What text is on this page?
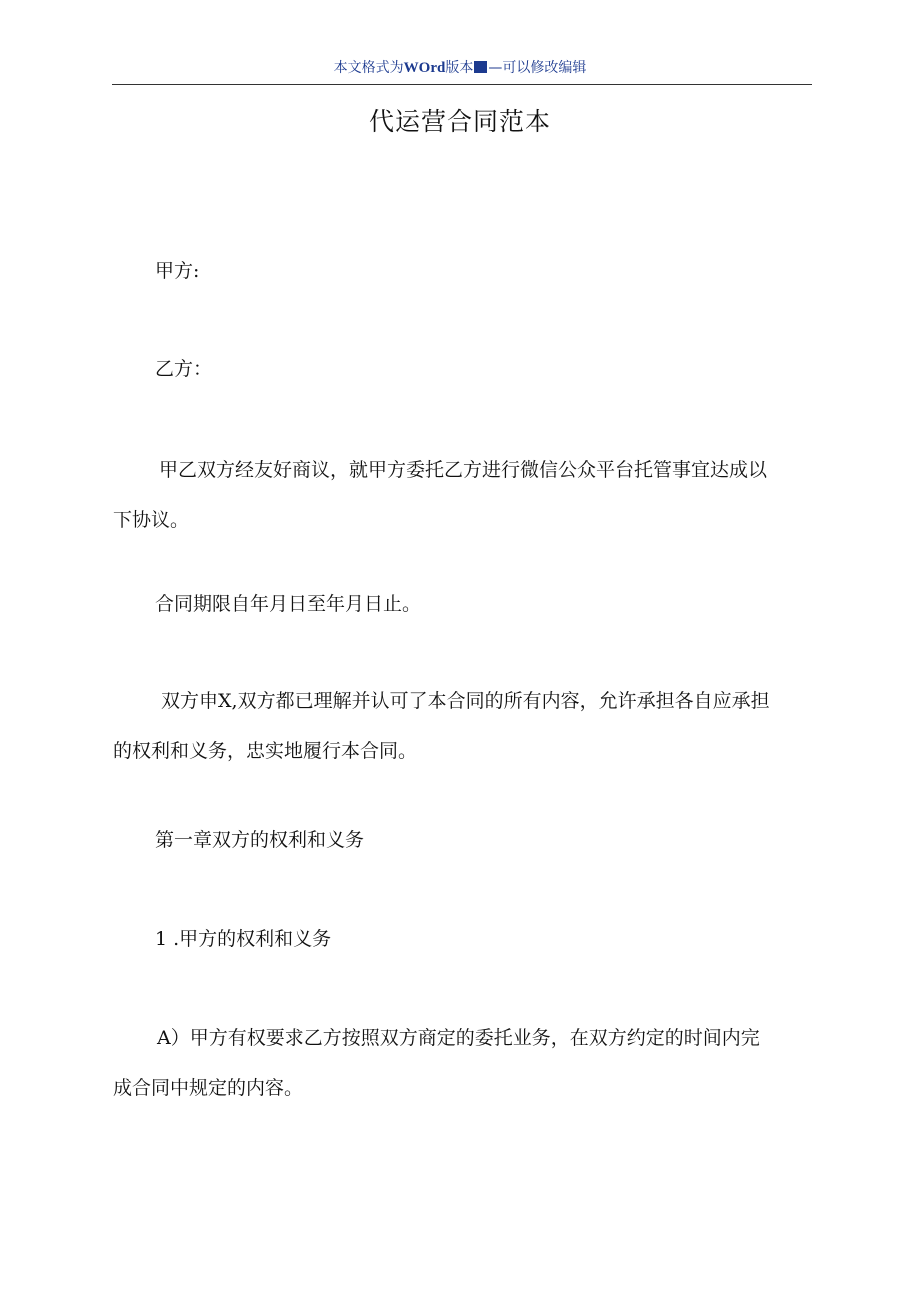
本文格式为WOrd版本 —可以修改编辑
代运营合同范本
甲方:
乙方：
甲乙双方经友好商议，就甲方委托乙方进行微信公众平台托管事宜达成以
下协议。
合同期限自年月日至年月日止。
双方申X,双方都已理解并认可了本合同的所有内容，允许承担各自应承担
的权利和义务，忠实地履行本合同。
第一章双方的权利和义务
1 .甲方的权利和义务
A）甲方有权要求乙方按照双方商定的委托业务，在双方约定的时间内完
成合同中规定的内容。
